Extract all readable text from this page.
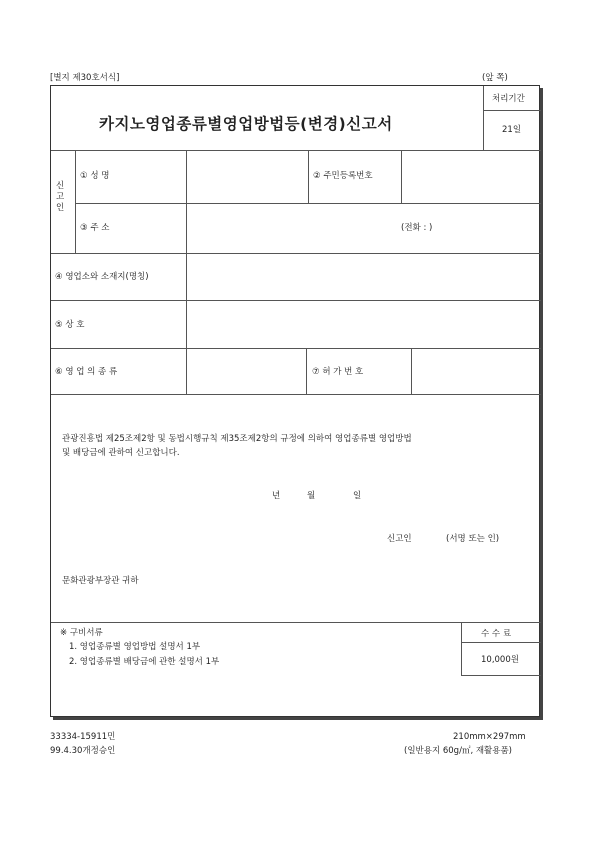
[별지 제30호서식]	(앞 쪽)
카지노영업종류별영업방법등(변경)신고서
처리기간
21일
신
고
인
① 성 명	② 주민등록번호
③ 주 소	(전화 : )
④ 영업소와 소재지(명칭)
⑤ 상 호
⑥ 영 업 의 종 류	⑦ 허 가 번 호
관광진흥법 제25조제2항 및 동법시행규칙 제35조제2항의 규정에 의하여 영업종류별 영업방법
및 배당금에 관하여 신고합니다.
년	월	일
신고인	(서명 또는 인)
문화관광부장관 귀하
※ 구비서류
1. 영업종류별 영업방법 설명서 1부
2. 영업종류별 배당금에 관한 설명서 1부
수 수 료
10,000원
33334-15911민
99.4.30개정승인
210mm×297mm
(일반용지 60g/㎡, 재활용품)
